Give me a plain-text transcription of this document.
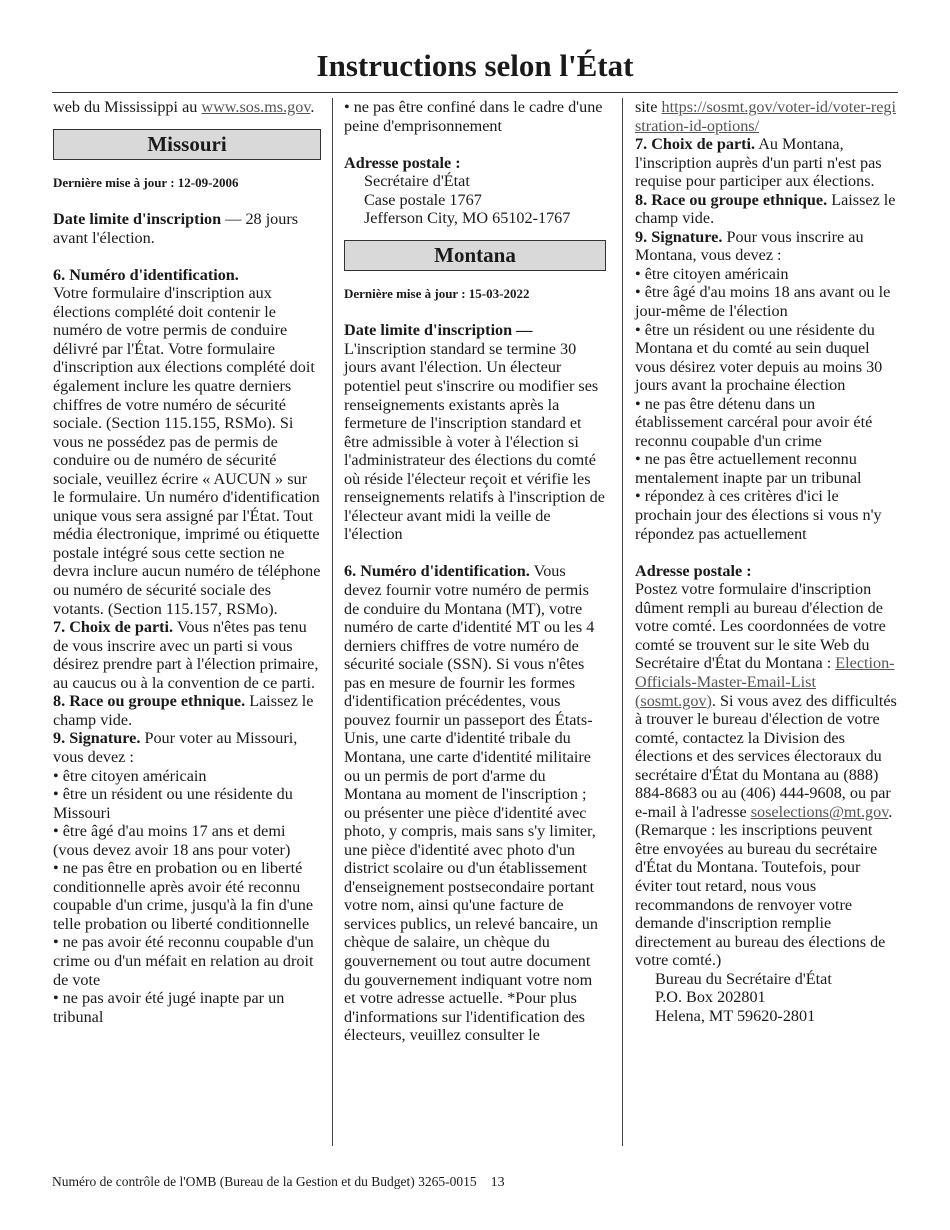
Instructions selon l'État

web du Mississippi au www.sos.ms.gov.

Missouri

Dernière mise à jour : 12-09-2006

Date limite d'inscription — 28 jours avant l'élection.

6. Numéro d'identification.

Votre formulaire d'inscription aux élections complété doit contenir le numéro de votre permis de conduire délivré par l'État. Votre formulaire d'inscription aux élections complété doit également inclure les quatre derniers chiffres de votre numéro de sécurité sociale. (Section 115.155, RSMo). Si vous ne possédez pas de permis de conduire ou de numéro de sécurité sociale, veuillez écrire « AUCUN » sur le formulaire. Un numéro d'identification unique vous sera assigné par l'État. Tout média électronique, imprimé ou étiquette postale intégré sous cette section ne devra inclure aucun numéro de téléphone ou numéro de sécurité sociale des votants. (Section 115.157, RSMo).

7. Choix de parti. Vous n'êtes pas tenu de vous inscrire avec un parti si vous désirez prendre part à l'élection primaire, au caucus ou à la convention de ce parti.

8. Race ou groupe ethnique. Laissez le champ vide.

9. Signature. Pour voter au Missouri, vous devez :

• être citoyen américain

• être un résident ou une résidente du Missouri

• être âgé d'au moins 17 ans et demi (vous devez avoir 18 ans pour voter)

• ne pas être en probation ou en liberté conditionnelle après avoir été reconnu coupable d'un crime, jusqu'à la fin d'une telle probation ou liberté conditionnelle

• ne pas avoir été reconnu coupable d'un crime ou d'un méfait en relation au droit de vote

• ne pas avoir été jugé inapte par un tribunal

• ne pas être confiné dans le cadre d'une peine d'emprisonnement

Adresse postale :

Secrétaire d'État

Case postale 1767

Jefferson City, MO 65102-1767

Montana

Dernière mise à jour : 15-03-2022

Date limite d'inscription —

L'inscription standard se termine 30 jours avant l'élection. Un électeur potentiel peut s'inscrire ou modifier ses renseignements existants après la fermeture de l'inscription standard et être admissible à voter à l'élection si l'administrateur des élections du comté où réside l'électeur reçoit et vérifie les renseignements relatifs à l'inscription de l'électeur avant midi la veille de l'élection

6. Numéro d'identification. Vous devez fournir votre numéro de permis de conduire du Montana (MT), votre numéro de carte d'identité MT ou les 4 derniers chiffres de votre numéro de sécurité sociale (SSN). Si vous n'êtes pas en mesure de fournir les formes d'identification précédentes, vous pouvez fournir un passeport des États-Unis, une carte d'identité tribale du Montana, une carte d'identité militaire ou un permis de port d'arme du Montana au moment de l'inscription ; ou présenter une pièce d'identité avec photo, y compris, mais sans s'y limiter, une pièce d'identité avec photo d'un district scolaire ou d'un établissement d'enseignement postsecondaire portant votre nom, ainsi qu'une facture de services publics, un relevé bancaire, un chèque de salaire, un chèque du gouvernement ou tout autre document du gouvernement indiquant votre nom et votre adresse actuelle. *Pour plus d'informations sur l'identification des électeurs, veuillez consulter le

site https://sosmt.gov/voter-id/voter-registration-id-options/

7. Choix de parti. Au Montana, l'inscription auprès d'un parti n'est pas requise pour participer aux élections.

8. Race ou groupe ethnique. Laissez le champ vide.

9. Signature. Pour vous inscrire au Montana, vous devez :

• être citoyen américain

• être âgé d'au moins 18 ans avant ou le jour-même de l'élection

• être un résident ou une résidente du Montana et du comté au sein duquel vous désirez voter depuis au moins 30 jours avant la prochaine élection

• ne pas être détenu dans un établissement carcéral pour avoir été reconnu coupable d'un crime

• ne pas être actuellement reconnu mentalement inapte par un tribunal

• répondez à ces critères d'ici le prochain jour des élections si vous n'y répondez pas actuellement

Adresse postale :

Postez votre formulaire d'inscription dûment rempli au bureau d'élection de votre comté. Les coordonnées de votre comté se trouvent sur le site Web du Secrétaire d'État du Montana : Election-Officials-Master-Email-List (sosmt.gov). Si vous avez des difficultés à trouver le bureau d'élection de votre comté, contactez la Division des élections et des services électoraux du secrétaire d'État du Montana au (888) 884-8683 ou au (406) 444-9608, ou par e-mail à l'adresse soselections@mt.gov. (Remarque : les inscriptions peuvent être envoyées au bureau du secrétaire d'État du Montana. Toutefois, pour éviter tout retard, nous vous recommandons de renvoyer votre demande d'inscription remplie directement au bureau des élections de votre comté.)

Bureau du Secrétaire d'État

P.O. Box 202801

Helena, MT 59620-2801

Numéro de contrôle de l'OMB (Bureau de la Gestion et du Budget) 3265-0015 13
